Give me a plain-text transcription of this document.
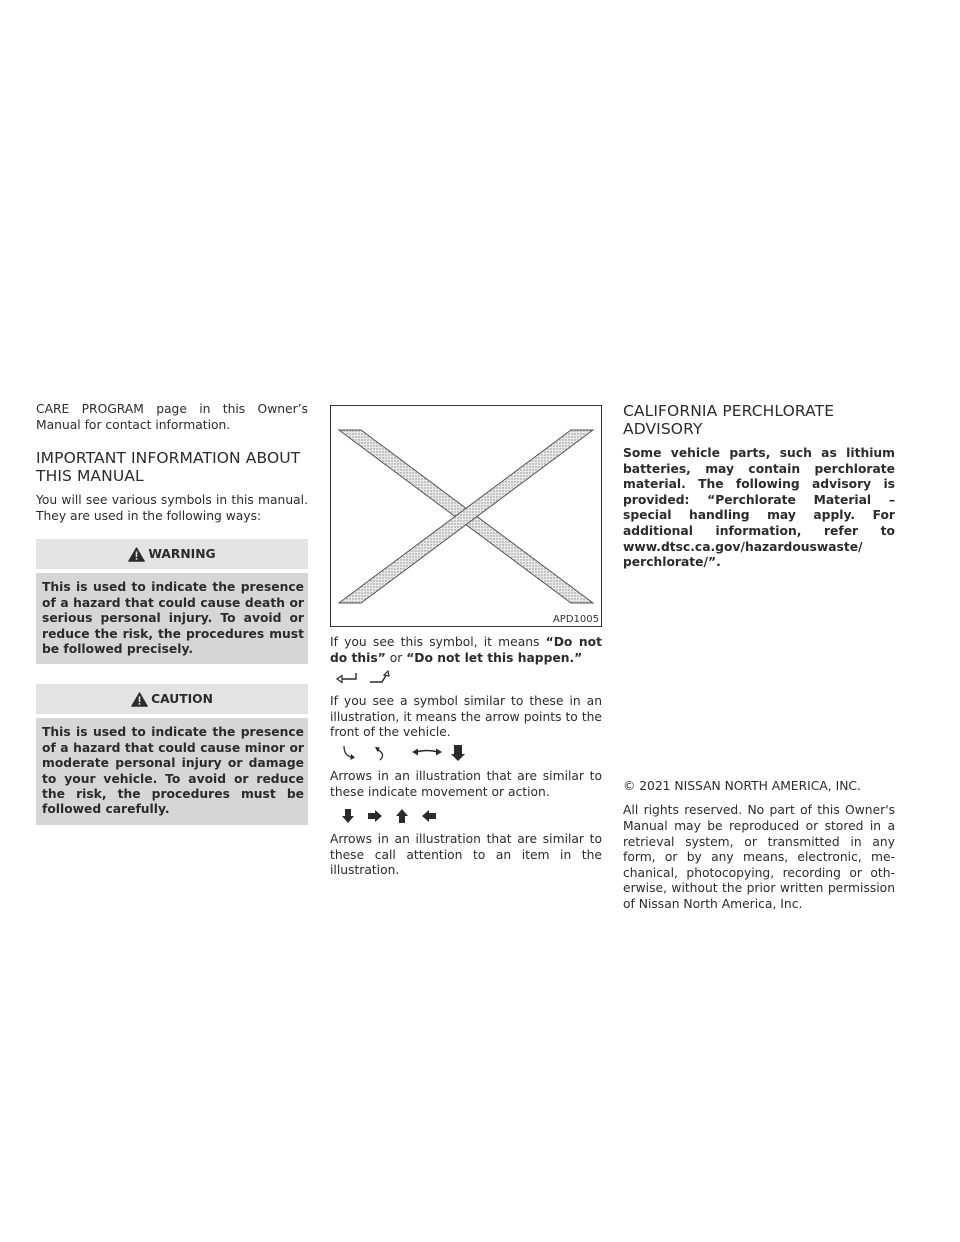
CARE PROGRAM page in this Owner’s Manual for contact information.

IMPORTANT INFORMATION ABOUT THIS MANUAL

You will see various symbols in this manual. They are used in the following ways:

WARNING
This is used to indicate the presence of a hazard that could cause death or serious personal injury. To avoid or reduce the risk, the procedures must be followed precisely.
CAUTION
This is used to indicate the presence of a hazard that could cause minor or moderate personal injury or damage to your vehicle. To avoid or reduce the risk, the procedures must be followed carefully.
APD1005

If you see this symbol, it means “Do not do this” or “Do not let this happen.”

If you see a symbol similar to these in an illustration, it means the arrow points to the front of the vehicle.

Arrows in an illustration that are similar to these indicate movement or action.

Arrows in an illustration that are similar to these call attention to an item in the illustration.

CALIFORNIA PERCHLORATE ADVISORY

Some vehicle parts, such as lithium batteries, may contain perchlorate material. The following advisory is provided: “Perchlorate Material – special handling may apply. For additional information, refer to www.dtsc.ca.gov/hazardouswaste/ perchlorate/”.

© 2021 NISSAN NORTH AMERICA, INC.

All rights reserved. No part of this Owner's Manual may be reproduced or stored in a retrieval system, or transmitted in any form, or by any means, electronic, mechanical, photocopying, recording or otherwise, without the prior written permission of Nissan North America, Inc.
